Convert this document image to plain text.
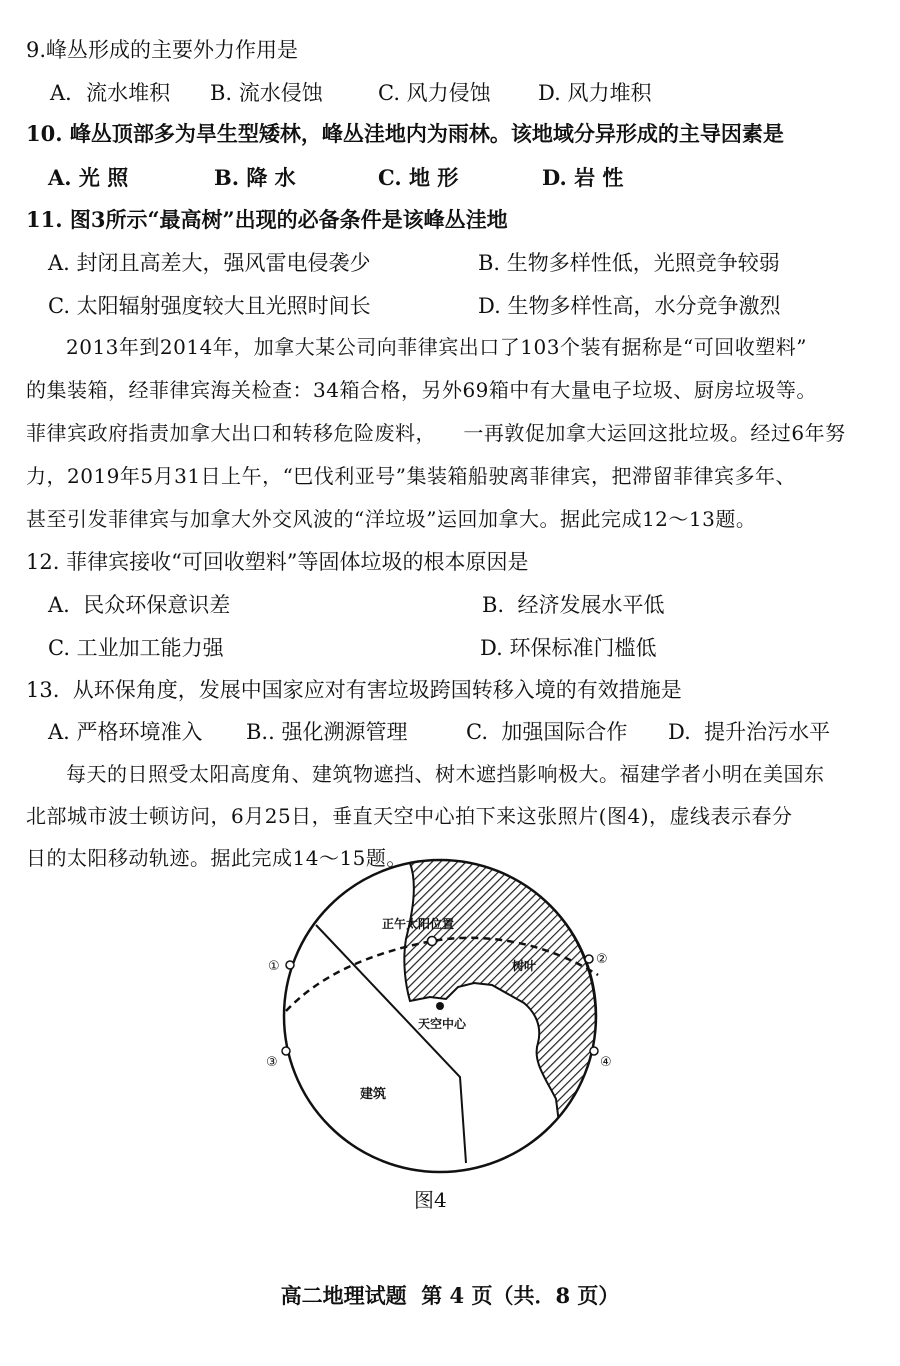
9.峰丛形成的主要外力作用是
A．流水堆积 B. 流水侵蚀	C. 风力侵蚀 D. 风力堆积
10. 峰丛顶部多为旱生型矮林，峰丛洼地内为雨林。该地域分异形成的主导因素是
A. 光 照	B. 降 水	C. 地 形	D. 岩 性
11. 图3所示“最高树”出现的必备条件是该峰丛洼地
A. 封闭且高差大，强风雷电侵袭少	B. 生物多样性低，光照竞争较弱
C. 太阳辐射强度较大且光照时间长	D. 生物多样性高，水分竞争激烈
2013年到2014年，加拿大某公司向菲律宾出口了103个装有据称是“可回收塑料”
的集装箱，经菲律宾海关检查：34箱合格，另外69箱中有大量电子垃圾、厨房垃圾等。
菲律宾政府指责加拿大出口和转移危险废料，    一再敦促加拿大运回这批垃圾。经过6年努
力，2019年5月31日上午，“巴伐利亚号”集装箱船驶离菲律宾，把滞留菲律宾多年、
甚至引发菲律宾与加拿大外交风波的“洋垃圾”运回加拿大。据此完成12～13题。
12. 菲律宾接收“可回收塑料”等固体垃圾的根本原因是
A.  民众环保意识差	B.  经济发展水平低
C. 工业加工能力强	D. 环保标准门槛低
13.  从环保角度，发展中国家应对有害垃圾跨国转移入境的有效措施是
A. 严格环境准入 B.. 强化溯源管理	C.  加强国际合作 D.  提升治污水平
每天的日照受太阳高度角、建筑物遮挡、树木遮挡影响极大。福建学者小明在美国东
北部城市波士顿访问，6月25日，垂直天空中心拍下来这张照片(图4)，虚线表示春分
日的太阳移动轨迹。据此完成14～15题。
正午太阳位置
树叶
天空中心
建筑
①	②
③	④
图4
高二地理试题  第 4 页（共．8 页）
